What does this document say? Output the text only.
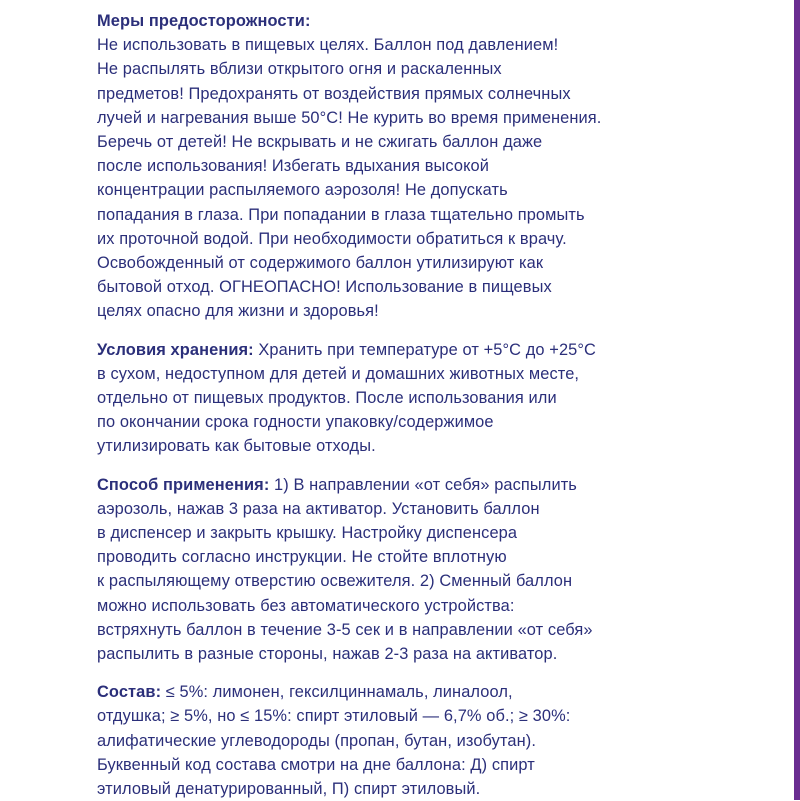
Меры предосторожности:
Не использовать в пищевых целях. Баллон под давлением!
Не распылять вблизи открытого огня и раскаленных
предметов! Предохранять от воздействия прямых солнечных
лучей и нагревания выше 50°С! Не курить во время применения.
Беречь от детей! Не вскрывать и не сжигать баллон даже
после использования! Избегать вдыхания высокой
концентрации распыляемого аэрозоля! Не допускать
попадания в глаза. При попадании в глаза тщательно промыть
их проточной водой. При необходимости обратиться к врачу.
Освобожденный от содержимого баллон утилизируют как
бытовой отход. ОГНЕОПАСНО! Использование в пищевых
целях опасно для жизни и здоровья!
Условия хранения: Хранить при температуре от +5°С до +25°С
в сухом, недоступном для детей и домашних животных месте,
отдельно от пищевых продуктов. После использования или
по окончании срока годности упаковку/содержимое
утилизировать как бытовые отходы.
Способ применения: 1) В направлении «от себя» распылить
аэрозоль, нажав 3 раза на активатор. Установить баллон
в диспенсер и закрыть крышку. Настройку диспенсера
проводить согласно инструкции. Не стойте вплотную
к распыляющему отверстию освежителя. 2) Сменный баллон
можно использовать без автоматического устройства:
встряхнуть баллон в течение 3-5 сек и в направлении «от себя»
распылить в разные стороны, нажав 2-3 раза на активатор.
Состав: ≤ 5%: лимонен, гексилциннамаль, линалоол,
отдушка; ≥ 5%, но ≤ 15%: спирт этиловый — 6,7% об.; ≥ 30%:
алифатические углеводороды (пропан, бутан, изобутан).
Буквенный код состава смотри на дне баллона: Д) спирт
этиловый денатурированный, П) спирт этиловый.
